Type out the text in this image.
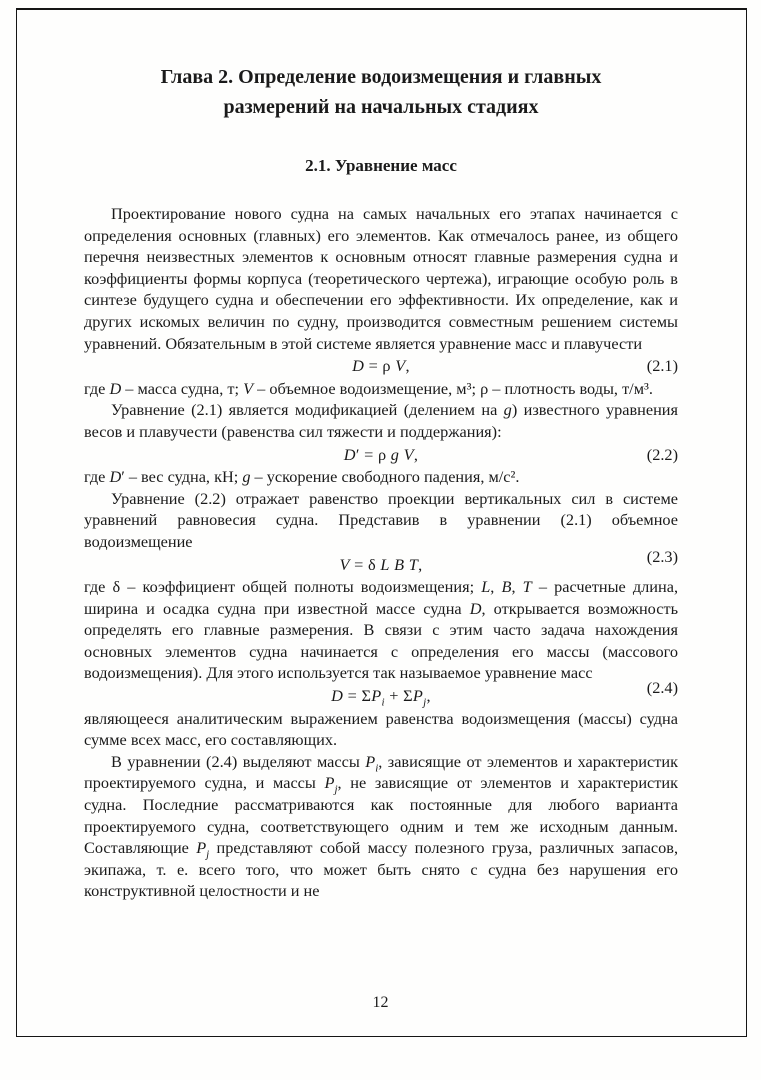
Глава 2. Определение водоизмещения и главных
размерений на начальных стадиях
2.1. Уравнение масс

Проектирование нового судна на самых начальных его этапах начинается с определения основных (главных) его элементов. Как отмечалось ранее, из общего перечня неизвестных элементов к основным относят главные размерения судна и коэффициенты формы корпуса (теоретического чертежа), играющие особую роль в синтезе будущего судна и обеспечении его эффективности. Их определение, как и других искомых величин по судну, производится совместным решением системы уравнений. Обязательным в этой системе является уравнение масс и плавучести

D = ρ V,	(2.1)

где D – масса судна, т; V – объемное водоизмещение, м³; ρ – плотность воды, т/м³.

Уравнение (2.1) является модификацией (делением на g) известного уравнения весов и плавучести (равенства сил тяжести и поддержания):

D′ = ρ g V,	(2.2)

где D′ – вес судна, кН; g – ускорение свободного падения, м/с².

Уравнение (2.2) отражает равенство проекции вертикальных сил в системе уравнений равновесия судна. Представив в уравнении (2.1) объемное водоизмещение

V = δ L B T,	(2.3)

где δ – коэффициент общей полноты водоизмещения; L, B, T – расчетные длина, ширина и осадка судна при известной массе судна D, открывается возможность определять его главные размерения. В связи с этим часто задача нахождения основных элементов судна начинается с определения его массы (массового водоизмещения). Для этого используется так называемое уравнение масс

$D = \Sigma P_i + \Sigma P_j$,	(2.4)

являющееся аналитическим выражением равенства водоизмещения (массы) судна сумме всех масс, его составляющих.

В уравнении (2.4) выделяют массы $P_i$, зависящие от элементов и характеристик проектируемого судна, и массы $P_j$, не зависящие от элементов и характеристик судна. Последние рассматриваются как постоянные для любого варианта проектируемого судна, соответствующего одним и тем же исходным данным. Составляющие $P_j$ представляют собой массу полезного груза, различных запасов, экипажа, т. е. всего того, что может быть снято с судна без нарушения его конструктивной целостности и не

12
